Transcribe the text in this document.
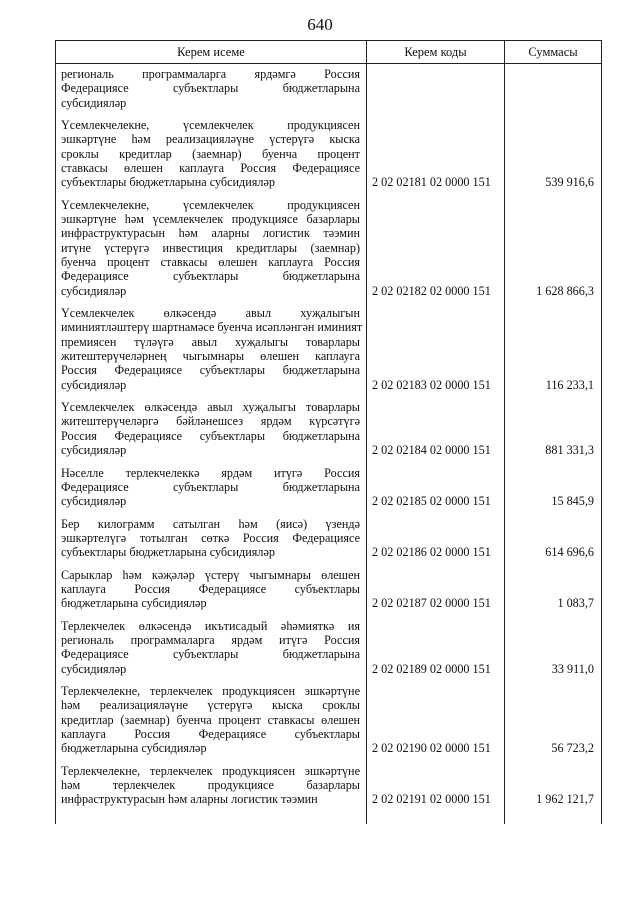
640
Керем исеме	Керем коды	Суммасы
региональ программаларга ярдәмгә Россия
Федерациясе субъектлары бюджетларына
субсидияләр
Үсемлекчелекне, үсемлекчелек продукциясен
эшкәртүне һәм реализацияләүне үстерүгә кыска
сроклы кредитлар (заемнар) буенча процент
ставкасы өлешен каплауга Россия Федерациясе
субъектлары бюджетларына субсидияләр	2 02 02181 02 0000 151	539 916,6
Үсемлекчелекне, үсемлекчелек продукциясен
эшкәртүне һәм үсемлекчелек продукциясе базарлары
инфраструктурасын һәм аларны логистик тәэмин
итүне үстерүгә инвестиция кредитлары (заемнар)
буенча процент ставкасы өлешен каплауга Россия
Федерациясе субъектлары бюджетларына
субсидияләр	2 02 02182 02 0000 151	1 628 866,3
Үсемлекчелек өлкәсендә авыл хуҗалыгын
иминиятләштерү шартнамәсе буенча исәпләнгән иминият
премиясен түләүгә авыл хуҗалыгы товарлары
житештерүчеләрнең чыгымнары өлешен каплауга
Россия Федерациясе субъектлары бюджетларына
субсидияләр	2 02 02183 02 0000 151	116 233,1
Үсемлекчелек өлкәсендә авыл хуҗалыгы товарлары
житештерүчеләргә бәйләнешсез ярдәм күрсәтүгә
Россия Федерациясе субъектлары бюджетларына
субсидияләр	2 02 02184 02 0000 151	881 331,3
Нәселле терлекчелеккә ярдәм итүгә Россия
Федерациясе субъектлары бюджетларына
субсидияләр	2 02 02185 02 0000 151	15 845,9
Бер килограмм сатылган һәм (яисә) үзендә
эшкәртелүгә тотылган сөткә Россия Федерациясе
субъектлары бюджетларына субсидияләр	2 02 02186 02 0000 151	614 696,6
Сарыклар һәм кәҗәләр үстерү чыгымнары өлешен
каплауга Россия Федерациясе субъектлары
бюджетларына субсидияләр	2 02 02187 02 0000 151	1 083,7
Терлекчелек өлкәсендә икътисадый әһәмияткә ия
региональ программаларга ярдәм итүгә Россия
Федерациясе субъектлары бюджетларына
субсидияләр	2 02 02189 02 0000 151	33 911,0
Терлекчелекне, терлекчелек продукциясен эшкәртүне
һәм реализацияләүне үстерүгә кыска сроклы
кредитлар (заемнар) буенча процент ставкасы өлешен
каплауга Россия Федерациясе субъектлары
бюджетларына субсидияләр	2 02 02190 02 0000 151	56 723,2
Терлекчелекне, терлекчелек продукциясен эшкәртүне
һәм терлекчелек продукциясе базарлары
инфраструктурасын һәм аларны логистик тәэмин	2 02 02191 02 0000 151	1 962 121,7
